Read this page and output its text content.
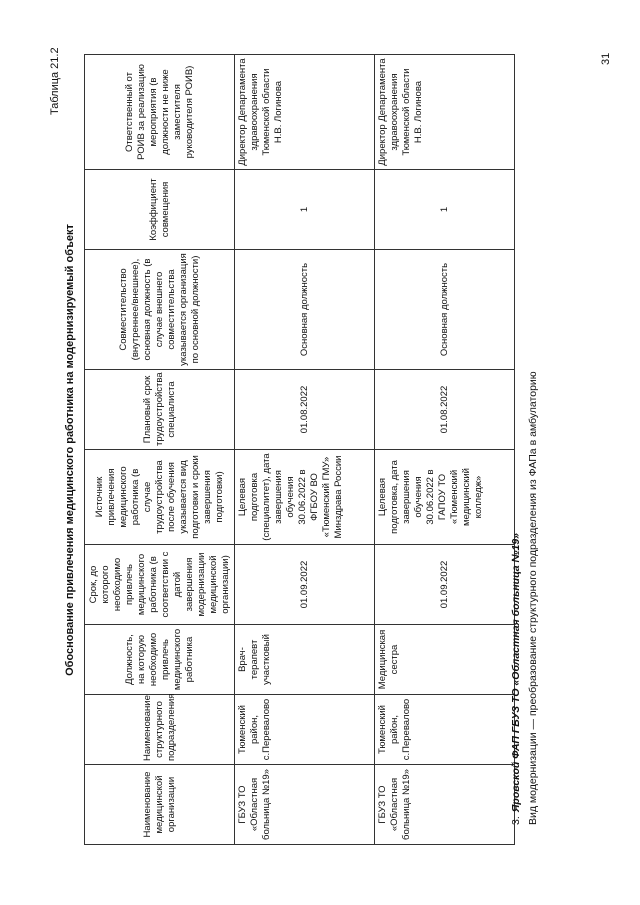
Таблица 21.2	31
Наименование медицинской организации	Наименование структурного подразделения	Должность, на которую необходимо привлечь медицинского работника	Срок, до которого необходимо привлечь медицинского работника (в соответствии с датой завершения модернизации медицинской организации)	Источник привлечения медицинского работника (в случае трудоустройства после обучения указывается вид подготовки и сроки завершения подготовки)	Плановый срок трудоустройства специалиста	Совместительство (внутреннее/внешнее), основная должность (в случае внешнего совместительства указывается организация по основной должности)	Коэффициент совмещения	Ответственный от РОИВ за реализацию мероприятия (в должности не ниже заместителя руководителя РОИВ)
ГБУЗ ТО «Областная больница №19»	Тюменский район, с.Перевалово	Врач-терапевт участковый	01.09.2022	Целевая подготовка (специалитет), дата завершения обучения 30.06.2022 в ФГБОУ ВО «Тюменский ГМУ» Минздрава России	01.08.2022	Основная должность	1	Директор Департамента здравоохранения Тюменской области Н.В. Логинова
ГБУЗ ТО «Областная больница №19»	Тюменский район, с.Перевалово	Медицинская сестра	01.09.2022	Целевая подготовка, дата завершения обучения 30.06.2022 в ГАПОУ ТО «Тюменский медицинский колледж»	01.08.2022	Основная должность	1	Директор Департамента здравоохранения Тюменской области Н.В. Логинова
3.Яровской ФАП ГБУЗ ТО «Областная больница №19» Вид модернизации — преобразование структурного подразделения из ФАПа в амбулаторию
Обоснование привлечения медицинского работника на модернизируемый объект
